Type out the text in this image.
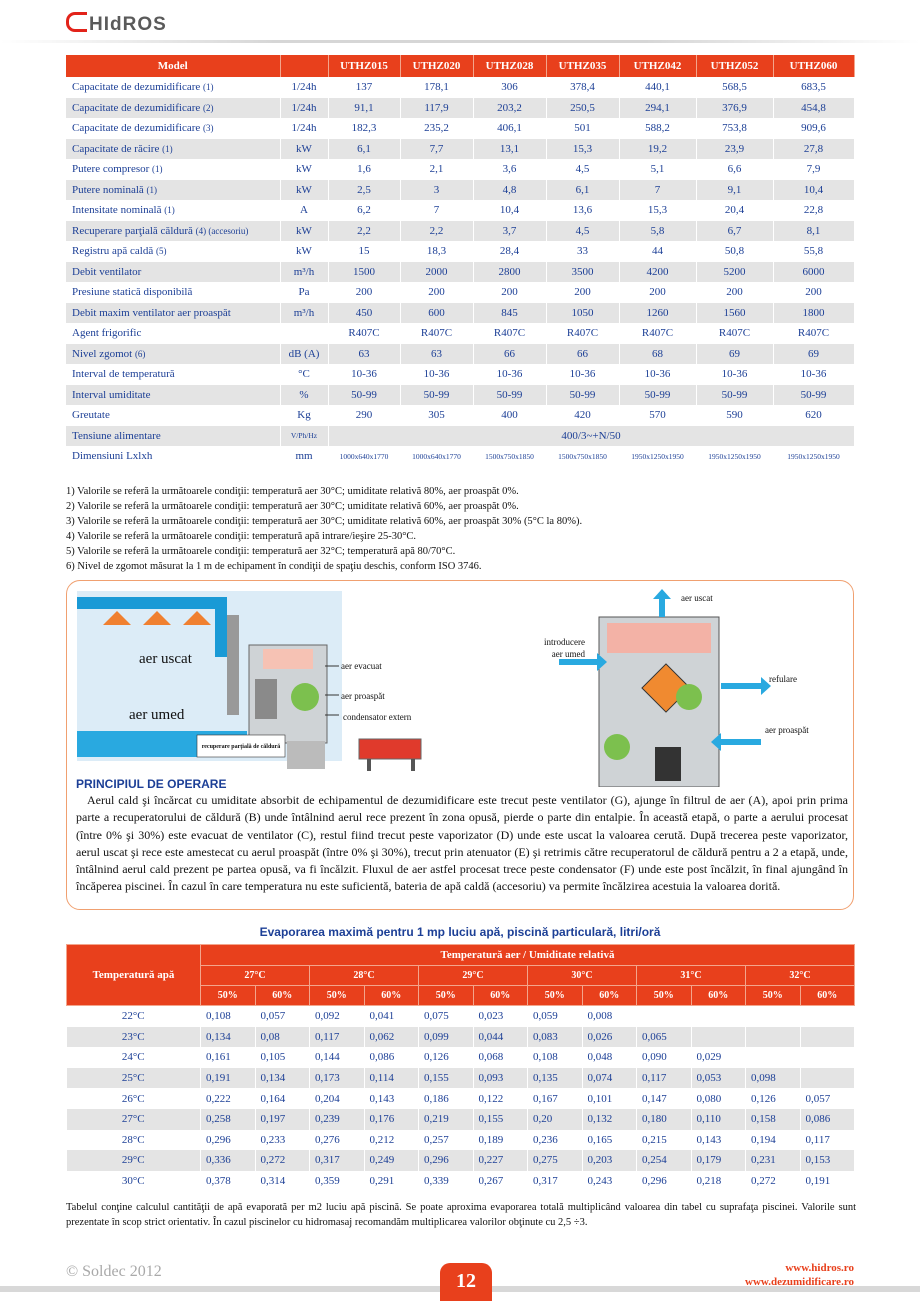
HIdROS
Model		UTHZ015	UTHZ020	UTHZ028	UTHZ035	UTHZ042	UTHZ052	UTHZ060
Capacitate de dezumidificare (1)	1/24h	137	178,1	306	378,4	440,1	568,5	683,5
Capacitate de dezumidificare (2)	1/24h	91,1	117,9	203,2	250,5	294,1	376,9	454,8
Capacitate de dezumidificare (3)	1/24h	182,3	235,2	406,1	501	588,2	753,8	909,6
Capacitate de răcire (1)	kW	6,1	7,7	13,1	15,3	19,2	23,9	27,8
Putere compresor (1)	kW	1,6	2,1	3,6	4,5	5,1	6,6	7,9
Putere nominală (1)	kW	2,5	3	4,8	6,1	7	9,1	10,4
Intensitate nominală (1)	A	6,2	7	10,4	13,6	15,3	20,4	22,8
Recuperare parţială căldură (4) (accesoriu)	kW	2,2	2,2	3,7	4,5	5,8	6,7	8,1
Registru apă caldă (5)	kW	15	18,3	28,4	33	44	50,8	55,8
Debit ventilator	m³/h	1500	2000	2800	3500	4200	5200	6000
Presiune statică disponibilă	Pa	200	200	200	200	200	200	200
Debit maxim ventilator aer proaspăt	m³/h	450	600	845	1050	1260	1560	1800
Agent frigorific		R407C	R407C	R407C	R407C	R407C	R407C	R407C
Nivel zgomot (6)	dB (A)	63	63	66	66	68	69	69
Interval de temperatură	°C	10-36	10-36	10-36	10-36	10-36	10-36	10-36
Interval umiditate	%	50-99	50-99	50-99	50-99	50-99	50-99	50-99
Greutate	Kg	290	305	400	420	570	590	620
Tensiune alimentare	V/Ph/Hz	400/3~+N/50						
Dimensiuni Lxlxh	mm	1000x640x1770	1000x640x1770	1500x750x1850	1500x750x1850	1950x1250x1950	1950x1250x1950	1950x1250x1950
1) Valorile se referă la următoarele condiţii: temperatură aer 30°C; umiditate relativă 80%, aer proaspăt 0%.
2) Valorile se referă la următoarele condiţii: temperatură aer 30°C; umiditate relativă 60%, aer proaspăt 0%.
3) Valorile se referă la următoarele condiţii: temperatură aer 30°C; umiditate relativă 60%, aer proaspăt 30% (5°C la 80%).
4) Valorile se referă la următoarele condiţii: temperatură apă intrare/ieşire 25-30°C.
5) Valorile se referă la următoarele condiţii: temperatură aer 32°C; temperatură apă 80/70°C.
6) Nivel de zgomot măsurat la 1 m de echipament în condiţii de spaţiu deschis, conform ISO 3746.
aer uscat
aer umed
aer evacuat
aer proaspăt
condensator extern
recuperare parţială de căldură
aer uscat
introducere
aer umed
refulare
aer proaspăt
PRINCIPIUL DE OPERARE

Aerul cald şi încărcat cu umiditate absorbit de echipamentul de dezumidificare este trecut peste ventilator (G), ajunge în filtrul de aer (A), apoi prin prima parte a recuperatorului de căldură (B) unde întâlnind aerul rece prezent în zona opusă, pierde o parte din entalpie. În această etapă, o parte a aerului procesat (între 0% şi 30%) este evacuat de ventilator (C), restul fiind trecut peste vaporizator (D) unde este uscat la valoarea cerută. După trecerea peste vaporizator, aerul uscat şi rece este amestecat cu aerul proaspăt (între 0% şi 30%), trecut prin atenuator (E) şi retrimis către recuperatorul de căldură pentru a 2 a etapă, unde, întâlnind aerul cald prezent pe partea opusă, va fi încălzit. Fluxul de aer astfel procesat trece peste condensator (F) unde este post încălzit, în final ajungând în încăperea piscinei. În cazul în care temperatura nu este suficientă, bateria de apă caldă (accesoriu) va permite încălzirea acestuia la valoarea dorită.

Evaporarea maximă pentru 1 mp luciu apă, piscină particulară, litri/oră
Temperatură apă	Temperatură aer / Umiditate relativă											
	27°C		28°C		29°C		30°C		31°C		32°C	
	50%	60%	50%	60%	50%	60%	50%	60%	50%	60%	50%	60%
22°C	0,108	0,057	0,092	0,041	0,075	0,023	0,059	0,008				
23°C	0,134	0,08	0,117	0,062	0,099	0,044	0,083	0,026	0,065			
24°C	0,161	0,105	0,144	0,086	0,126	0,068	0,108	0,048	0,090	0,029		
25°C	0,191	0,134	0,173	0,114	0,155	0,093	0,135	0,074	0,117	0,053	0,098	
26°C	0,222	0,164	0,204	0,143	0,186	0,122	0,167	0,101	0,147	0,080	0,126	0,057
27°C	0,258	0,197	0,239	0,176	0,219	0,155	0,20	0,132	0,180	0,110	0,158	0,086
28°C	0,296	0,233	0,276	0,212	0,257	0,189	0,236	0,165	0,215	0,143	0,194	0,117
29°C	0,336	0,272	0,317	0,249	0,296	0,227	0,275	0,203	0,254	0,179	0,231	0,153
30°C	0,378	0,314	0,359	0,291	0,339	0,267	0,317	0,243	0,296	0,218	0,272	0,191
Tabelul conţine calculul cantităţii de apă evaporată per m2 luciu apă piscină. Se poate aproxima evaporarea totală multiplicând valoarea din tabel cu suprafaţa piscinei. Valorile sunt prezentate în scop strict orientativ. În cazul piscinelor cu hidromasaj recomandăm multiplicarea valorilor obţinute cu 2,5 ÷3.
© Soldec 2012	12
www.hidros.ro
www.dezumidificare.ro
